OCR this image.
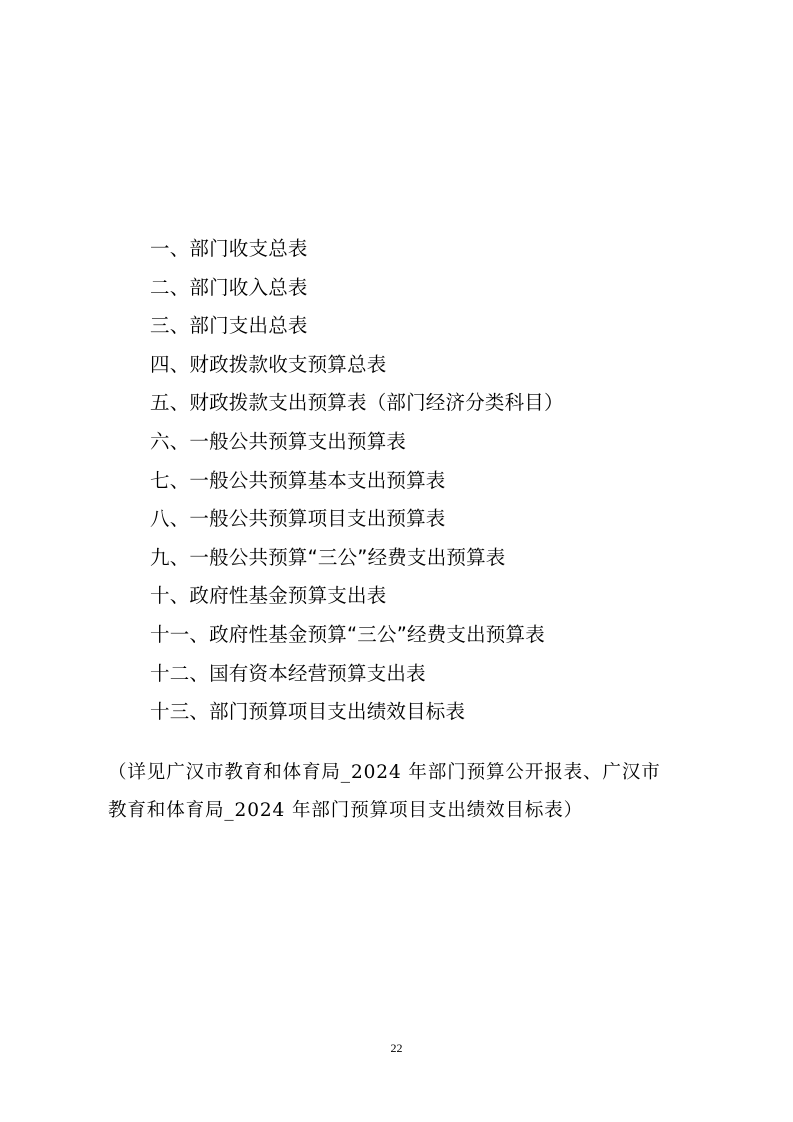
一、部门收支总表
二、部门收入总表
三、部门支出总表
四、财政拨款收支预算总表
五、财政拨款支出预算表（部门经济分类科目）
六、一般公共预算支出预算表
七、一般公共预算基本支出预算表
八、一般公共预算项目支出预算表
九、一般公共预算“三公”经费支出预算表
十、政府性基金预算支出表
十一、政府性基金预算“三公”经费支出预算表
十二、国有资本经营预算支出表
十三、部门预算项目支出绩效目标表

（详见广汉市教育和体育局_2024 年部门预算公开报表、广汉市
教育和体育局_2024 年部门预算项目支出绩效目标表）

22
